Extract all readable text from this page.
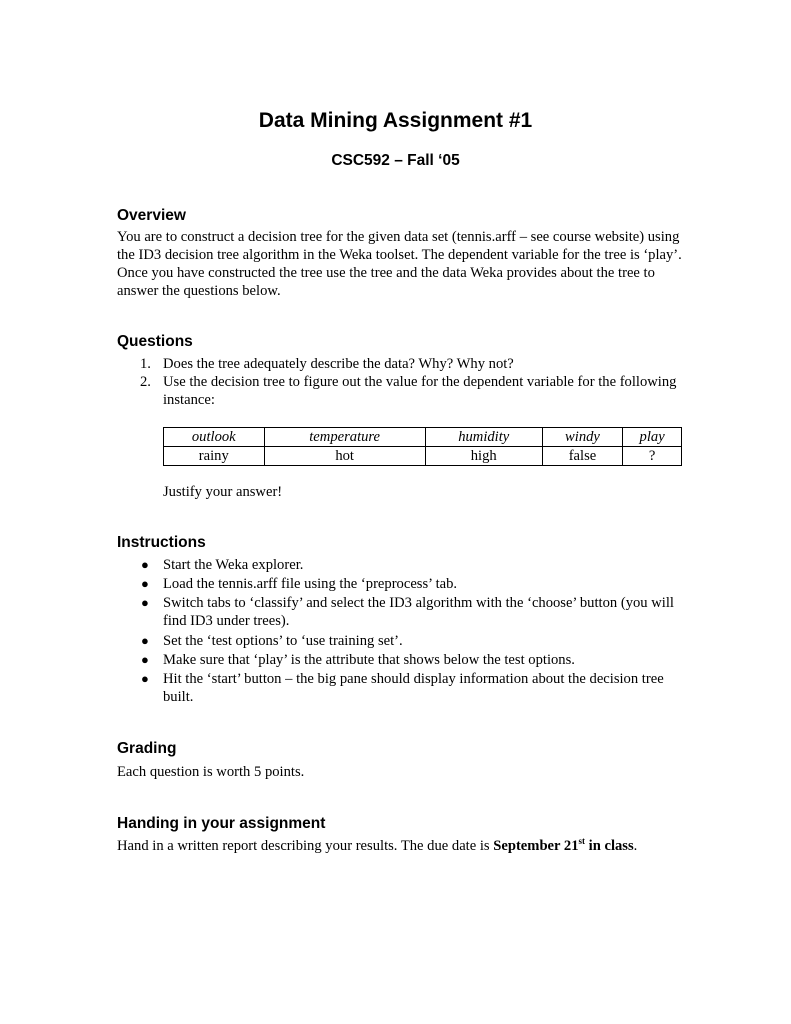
Data Mining Assignment #1

CSC592 – Fall ‘05

Overview

You are to construct a decision tree for the given data set (tennis.arff – see course website) using the ID3 decision tree algorithm in the Weka toolset. The dependent variable for the tree is ‘play’. Once you have constructed the tree use the tree and the data Weka provides about the tree to answer the questions below.

Questions
1. Does the tree adequately describe the data? Why? Why not?
2. Use the decision tree to figure out the value for the dependent variable for the following instance:
outlook	temperature	humidity	windy	play
rainy	hot	high	false	?

Justify your answer!

Instructions
● Start the Weka explorer.
● Load the tennis.arff file using the ‘preprocess’ tab.
● Switch tabs to ‘classify’ and select the ID3 algorithm with the ‘choose’ button (you will find ID3 under trees).
● Set the ‘test options’ to ‘use training set’.
● Make sure that ‘play’ is the attribute that shows below the test options.
● Hit the ‘start’ button – the big pane should display information about the decision tree built.
Grading

Each question is worth 5 points.

Handing in your assignment

Hand in a written report describing your results. The due date is September 21st in class.
